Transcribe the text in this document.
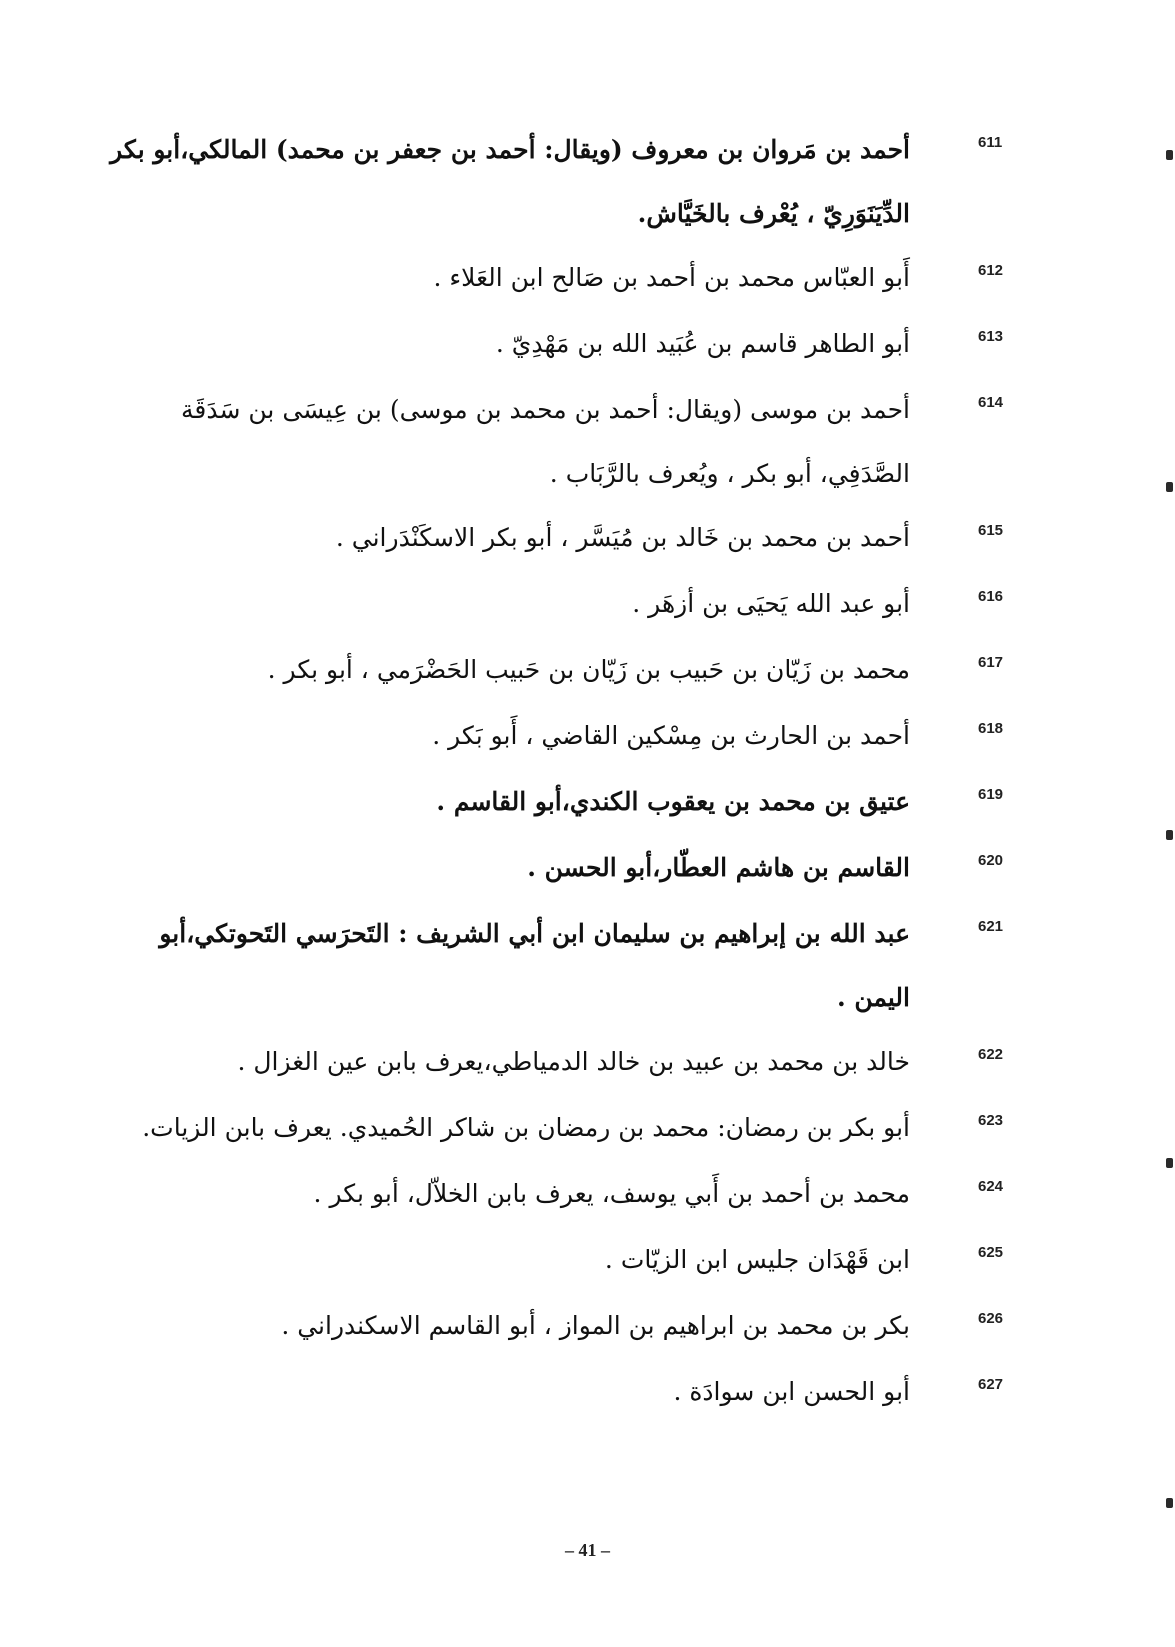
611
أحمد بن مَروان بن معروف (ويقال: أحمد بن جعفر بن محمد) المالكي،أبو بكر الدِّيَنَوَرِيّ ، يُعْرف بالخَيَّاش.
612
أَبو العبّاس محمد بن أحمد بن صَالح ابن العَلاء .
613
أبو الطاهر قاسم بن عُبَيد الله بن مَهْدِيّ .
614
أحمد بن موسى (ويقال: أحمد بن محمد بن موسى) بن عِيسَى بن سَدَقَة الصَّدَفِي، أبو بكر ، ويُعرف بالرَّبَاب .
615
أحمد بن محمد بن خَالد بن مُيَسَّر ، أبو بكر الاسكَنْدَراني .
616
أبو عبد الله يَحيَى بن أزهَر .
617
محمد بن زَيّان بن حَبيب بن زَيّان بن حَبيب الحَضْرَمي ، أبو بكر .
618
أحمد بن الحارث بن مِسْكين القاضي ، أَبو بَكر .
619
عتيق بن محمد بن يعقوب الكندي،أبو القاسم .
620
القاسم بن هاشم العطّار،أبو الحسن .
621
عبد الله بن إبراهيم بن سليمان ابن أبي الشريف : التَحرَسي التَحوتكي،أبو اليمن .
622
خالد بن محمد بن عبيد بن خالد الدمياطي،يعرف بابن عين الغزال .
623
أبو بكر بن رمضان: محمد بن رمضان بن شاكر الحُميدي. يعرف بابن الزيات.
624
محمد بن أحمد بن أَبي يوسف، يعرف بابن الخلاّل، أبو بكر .
625
ابن قَهْدَان جليس ابن الزيّات .
626
بكر بن محمد بن ابراهيم بن المواز ، أبو القاسم الاسكندراني .
627
أبو الحسن ابن سوادَة .
– 41 –
